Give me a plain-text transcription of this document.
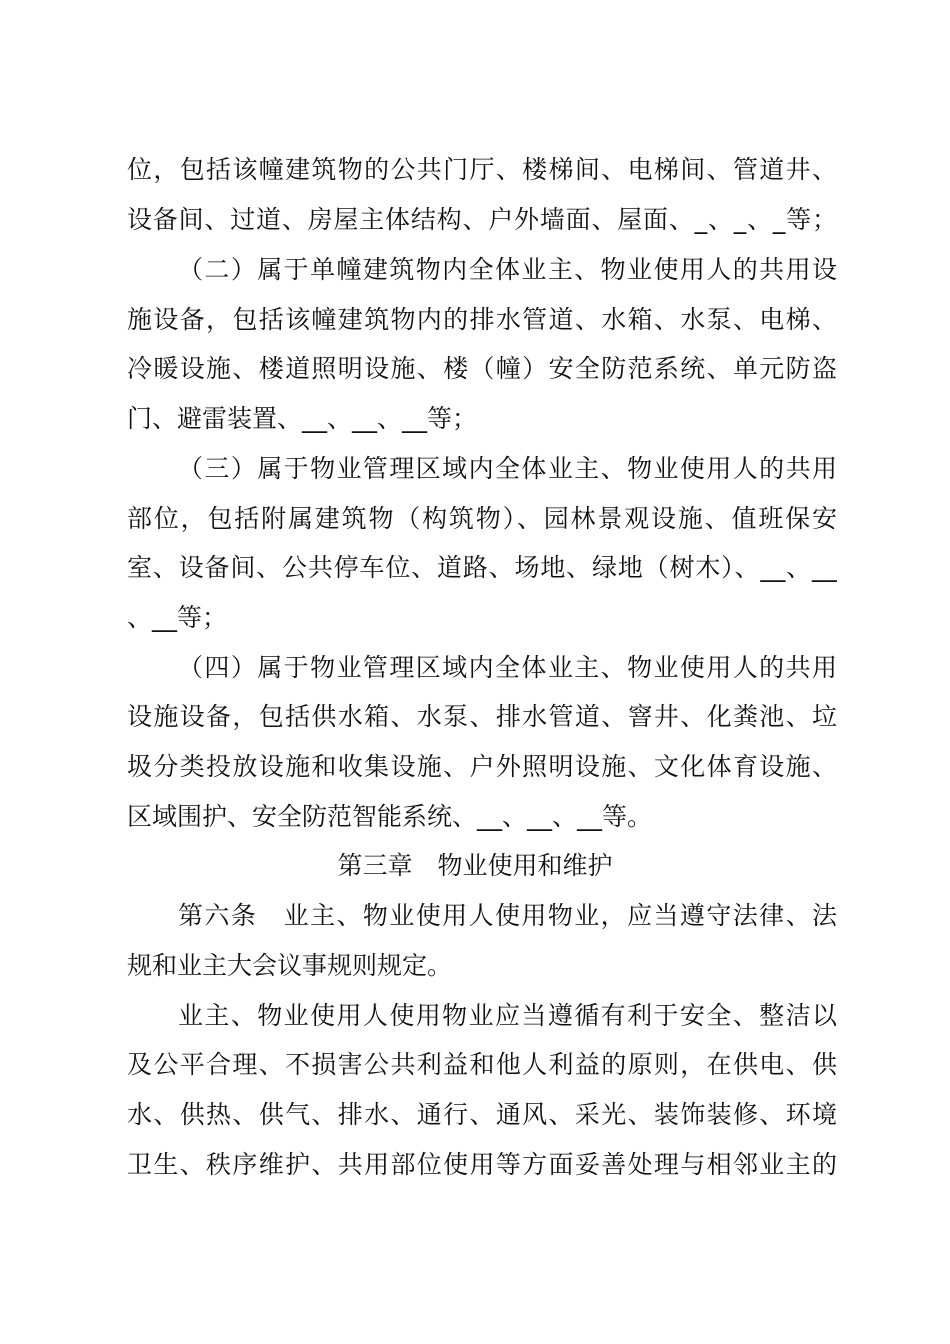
位，包括该幢建筑物的公共门厅、楼梯间、电梯间、管道井、
设备间、过道、房屋主体结构、户外墙面、屋面、_、_、_等；
（二）属于单幢建筑物内全体业主、物业使用人的共用设
施设备，包括该幢建筑物内的排水管道、水箱、水泵、电梯、
冷暖设施、楼道照明设施、楼（幢）安全防范系统、单元防盗
门、避雷装置、__、__、__等；
（三）属于物业管理区域内全体业主、物业使用人的共用
部位，包括附属建筑物（构筑物）、园林景观设施、值班保安
室、设备间、公共停车位、道路、场地、绿地（树木）、__、__
、__等；
（四）属于物业管理区域内全体业主、物业使用人的共用
设施设备，包括供水箱、水泵、排水管道、窨井、化粪池、垃
圾分类投放设施和收集设施、户外照明设施、文化体育设施、
区域围护、安全防范智能系统、__、__、__等。
第三章　物业使用和维护
第六条　业主、物业使用人使用物业，应当遵守法律、法
规和业主大会议事规则规定。
业主、物业使用人使用物业应当遵循有利于安全、整洁以
及公平合理、不损害公共利益和他人利益的原则，在供电、供
水、供热、供气、排水、通行、通风、采光、装饰装修、环境
卫生、秩序维护、共用部位使用等方面妥善处理与相邻业主的
